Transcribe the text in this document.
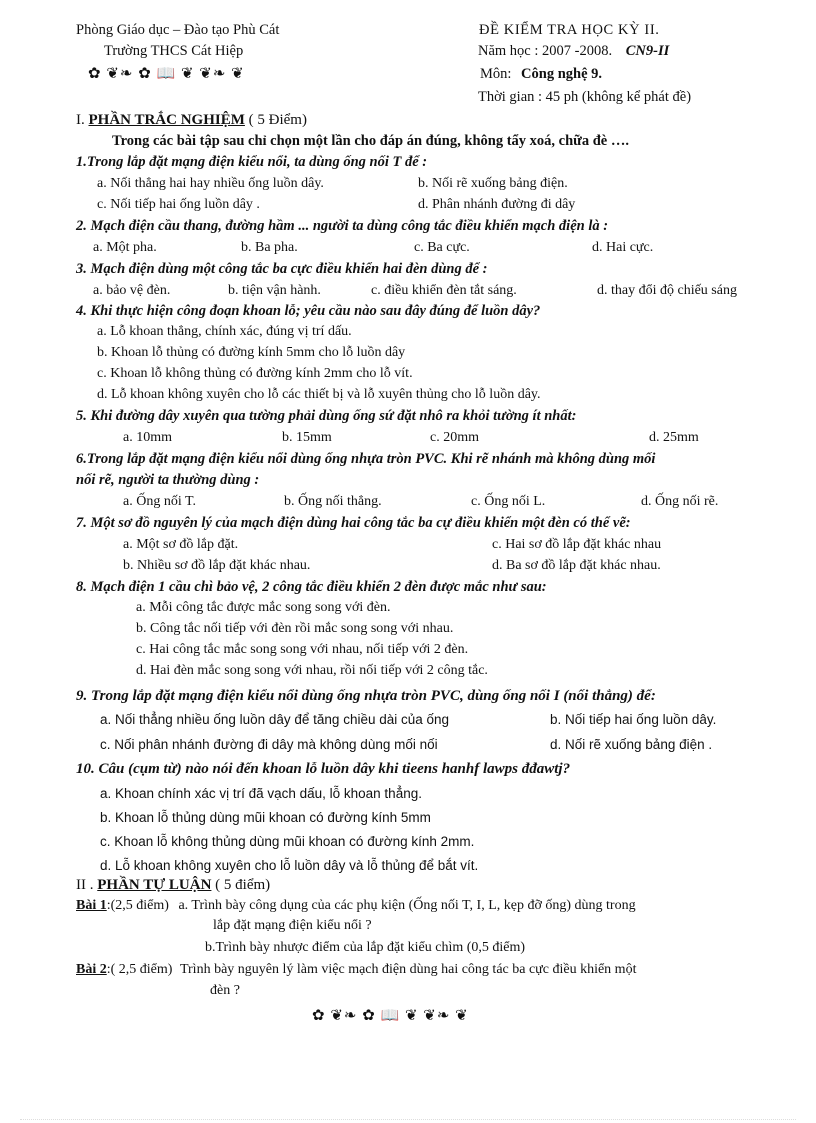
Phòng Giáo dục – Đào tạo Phù Cát
Trường THCS Cát Hiệp
✿ ❦❧ ✿ 📖 ❦ ❦❧ ❦
ĐỀ KIỂM TRA HỌC KỲ II.
Năm học : 2007 -2008. CN9-II
Môn: Công nghệ 9.
Thời gian : 45 ph (không kể phát đề)
I. PHẦN TRẮC NGHIỆM ( 5 Điểm)
Trong các bài tập sau chỉ chọn một lần cho đáp án đúng, không tẩy xoá, chữa đè ….
1.Trong lắp đặt mạng điện kiểu nổi, ta dùng ống nối T để :
a. Nối thẳng hai hay nhiều ống luồn dây.	b. Nối rẽ xuống bảng điện.
c. Nối tiếp hai ống luồn dây .	d. Phân nhánh đường đi dây
2. Mạch điện cầu thang, đường hầm ... người ta dùng công tắc điều khiển mạch điện là :
a. Một pha.	b. Ba pha.	c. Ba cực.	d. Hai cực.
3. Mạch điện dùng một công tắc ba cực điều khiển hai đèn dùng để :
a. bảo vệ đèn.	b. tiện vận hành.	c. điều khiển đèn tắt sáng.	d. thay đổi độ chiếu sáng
4. Khi thực hiện công đoạn khoan lỗ; yêu cầu nào sau đây đúng để luồn dây?
a. Lỗ khoan thẳng, chính xác, đúng vị trí dấu.
b. Khoan lỗ thủng có đường kính 5mm cho lỗ luồn dây
c. Khoan lỗ không thủng có đường kính 2mm cho lỗ vít.
d. Lỗ khoan không xuyên cho lỗ các thiết bị và lỗ xuyên thủng cho lỗ luồn dây.
5. Khi đường dây xuyên qua tường phải dùng ống sứ đặt nhô ra khỏi tường ít nhất:
a. 10mm	b. 15mm	c. 20mm	d. 25mm
6.Trong lắp đặt mạng điện kiểu nổi dùng ống nhựa tròn PVC. Khi rẽ nhánh mà không dùng mối
nối rẽ, người ta thường dùng :
a. Ống nối T.	b. Ống nối thẳng.	c. Ống nối L.	d. Ống nối rẽ.
7. Một sơ đồ nguyên lý của mạch điện dùng hai công tắc ba cự điều khiển một đèn có thể vẽ:
a. Một sơ đồ lắp đặt.	c. Hai sơ đồ lắp đặt khác nhau
b. Nhiều sơ đồ lắp đặt khác nhau.	d. Ba sơ đồ lắp đặt khác nhau.
8. Mạch điện 1 cầu chì bảo vệ, 2 công tắc điều khiển 2 đèn được mắc như sau:
a. Mỗi công tắc được mắc song song với đèn.
b. Công tắc nối tiếp với đèn rồi mắc song song với nhau.
c. Hai công tắc mắc song song với nhau, nối tiếp với 2 đèn.
d. Hai đèn mắc song song với nhau, rồi nối tiếp với 2 công tắc.
9. Trong lắp đặt mạng điện kiểu nổi dùng ống nhựa tròn PVC, dùng ống nối I (nối thẳng) để:
a. Nối thẳng nhiều ống luồn dây để tăng chiều dài của ống	b. Nối tiếp hai ống luồn dây.
c. Nối phân nhánh đường đi dây mà không dùng mối nối	d. Nối rẽ xuống bảng điện .
10. Câu (cụm từ) nào nói đến khoan lỗ luồn dây khi tieens hanhf lawps đđawtj?
a. Khoan chính xác vị trí đã vạch dấu, lỗ khoan thẳng.
b. Khoan lỗ thủng dùng mũi khoan có đường kính 5mm
c. Khoan lỗ không thủng dùng mũi khoan có đường kính 2mm.
d. Lỗ khoan không xuyên cho lỗ luồn dây và lỗ thủng để bắt vít.
II . PHẦN TỰ LUẬN ( 5 điểm)
Bài 1:(2,5 điểm) a. Trình bày công dụng của các phụ kiện (Ống nối T, I, L, kẹp đỡ ống) dùng trong
lắp đặt mạng điện kiểu nổi ?
b.Trình bày nhược điểm của lắp đặt kiểu chìm (0,5 điểm)
Bài 2:( 2,5 điểm) Trình bày nguyên lý làm việc mạch điện dùng hai công tác ba cực điều khiển một
đèn ?
✿ ❦❧ ✿ 📖 ❦ ❦❧ ❦
